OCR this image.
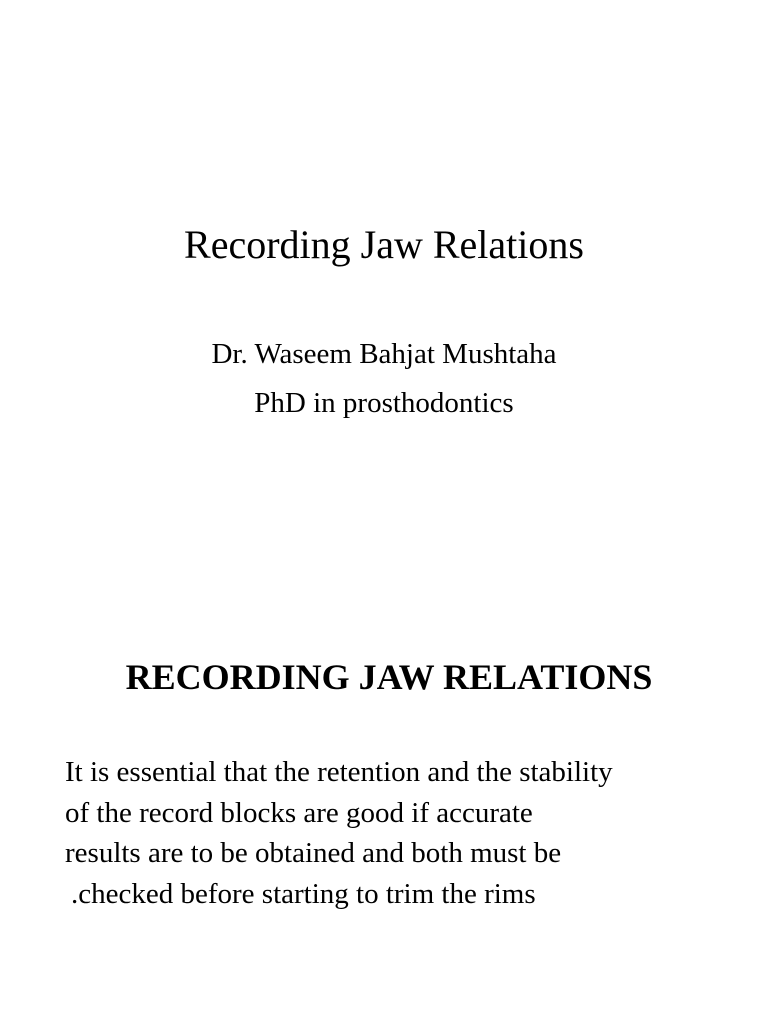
Recording Jaw Relations
Dr. Waseem Bahjat Mushtaha
PhD in prosthodontics
RECORDING JAW RELATIONS
It is essential that the retention and the stability
of the record blocks are good if accurate
results are to be obtained and both must be
.checked before starting to trim the rims
